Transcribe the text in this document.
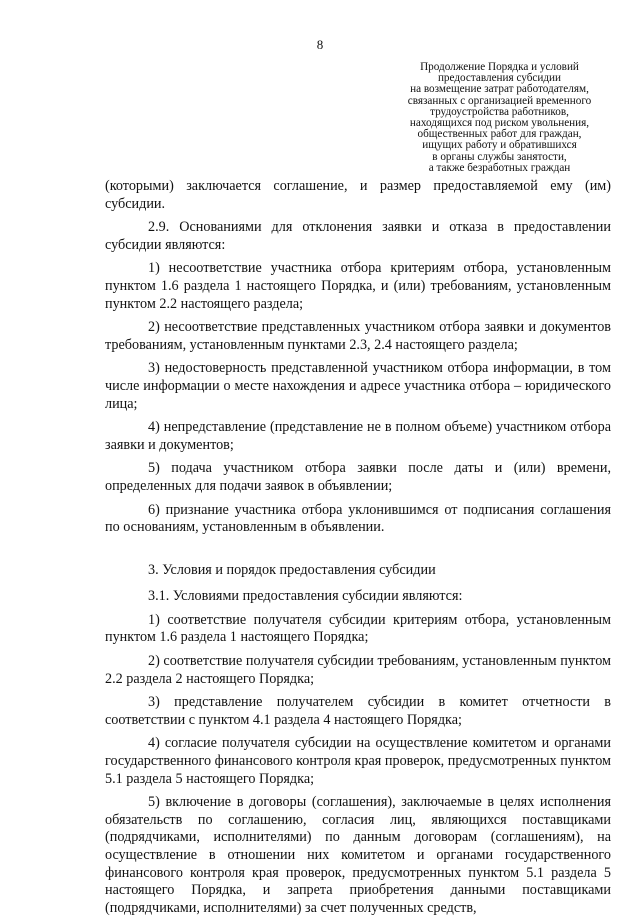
8
Продолжение Порядка и условий
предоставления субсидии
на возмещение затрат работодателям,
связанных с организацией временного
трудоустройства работников,
находящихся под риском увольнения,
общественных работ для граждан,
ищущих работу и обратившихся
в органы службы занятости,
а также безработных граждан

(которыми) заключается соглашение, и размер предоставляемой ему (им) субсидии.

2.9. Основаниями для отклонения заявки и отказа в предоставлении субсидии являются:

1) несоответствие участника отбора критериям отбора, установленным пунктом 1.6 раздела 1 настоящего Порядка, и (или) требованиям, установленным пунктом 2.2 настоящего раздела;

2) несоответствие представленных участником отбора заявки и документов требованиям, установленным пунктами 2.3, 2.4 настоящего раздела;

3) недостоверность представленной участником отбора информации, в том числе информации о месте нахождения и адресе участника отбора – юридического лица;

4) непредставление (представление не в полном объеме) участником отбора заявки и документов;

5) подача участником отбора заявки после даты и (или) времени, определенных для подачи заявок в объявлении;

6) признание участника отбора уклонившимся от подписания соглашения по основаниям, установленным в объявлении.

3. Условия и порядок предоставления субсидии

3.1. Условиями предоставления субсидии являются:

1) соответствие получателя субсидии критериям отбора, установленным пунктом 1.6 раздела 1 настоящего Порядка;

2) соответствие получателя субсидии требованиям, установленным пунктом 2.2 раздела 2 настоящего Порядка;

3) представление получателем субсидии в комитет отчетности в соответствии с пунктом 4.1 раздела 4 настоящего Порядка;

4) согласие получателя субсидии на осуществление комитетом и органами государственного финансового контроля края проверок, предусмотренных пунктом 5.1 раздела 5 настоящего Порядка;

5) включение в договоры (соглашения), заключаемые в целях исполнения обязательств по соглашению, согласия лиц, являющихся поставщиками (подрядчиками, исполнителями) по данным договорам (соглашениям), на осуществление в отношении них комитетом и органами государственного финансового контроля края проверок, предусмотренных пунктом 5.1 раздела 5 настоящего Порядка, и запрета приобретения данными поставщиками (подрядчиками, исполнителями) за счет полученных средств,
